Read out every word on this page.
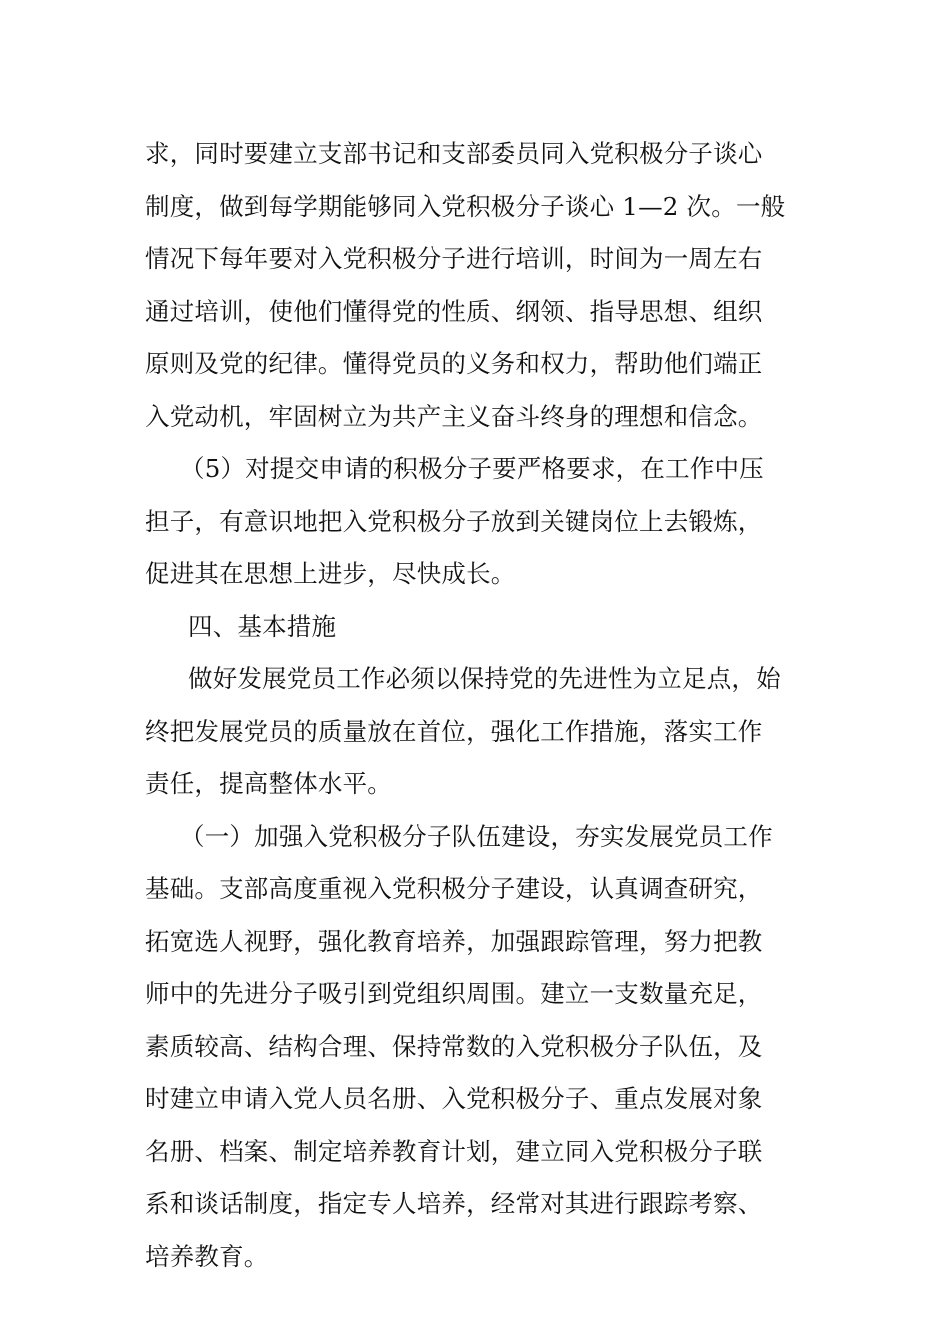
求，同时要建立支部书记和支部委员同入党积极分子谈心
制度，做到每学期能够同入党积极分子谈心 1—2 次。一般
情况下每年要对入党积极分子进行培训，时间为一周左右
通过培训，使他们懂得党的性质、纲领、指导思想、组织
原则及党的纪律。懂得党员的义务和权力，帮助他们端正
入党动机，牢固树立为共产主义奋斗终身的理想和信念。
（5）对提交申请的积极分子要严格要求，在工作中压
担子，有意识地把入党积极分子放到关键岗位上去锻炼，
促进其在思想上进步，尽快成长。
四、基本措施
做好发展党员工作必须以保持党的先进性为立足点，始
终把发展党员的质量放在首位，强化工作措施，落实工作
责任，提高整体水平。
（一）加强入党积极分子队伍建设，夯实发展党员工作
基础。支部高度重视入党积极分子建设，认真调查研究，
拓宽选人视野，强化教育培养，加强跟踪管理，努力把教
师中的先进分子吸引到党组织周围。建立一支数量充足，
素质较高、结构合理、保持常数的入党积极分子队伍，及
时建立申请入党人员名册、入党积极分子、重点发展对象
名册、档案、制定培养教育计划，建立同入党积极分子联
系和谈话制度，指定专人培养，经常对其进行跟踪考察、
培养教育。
